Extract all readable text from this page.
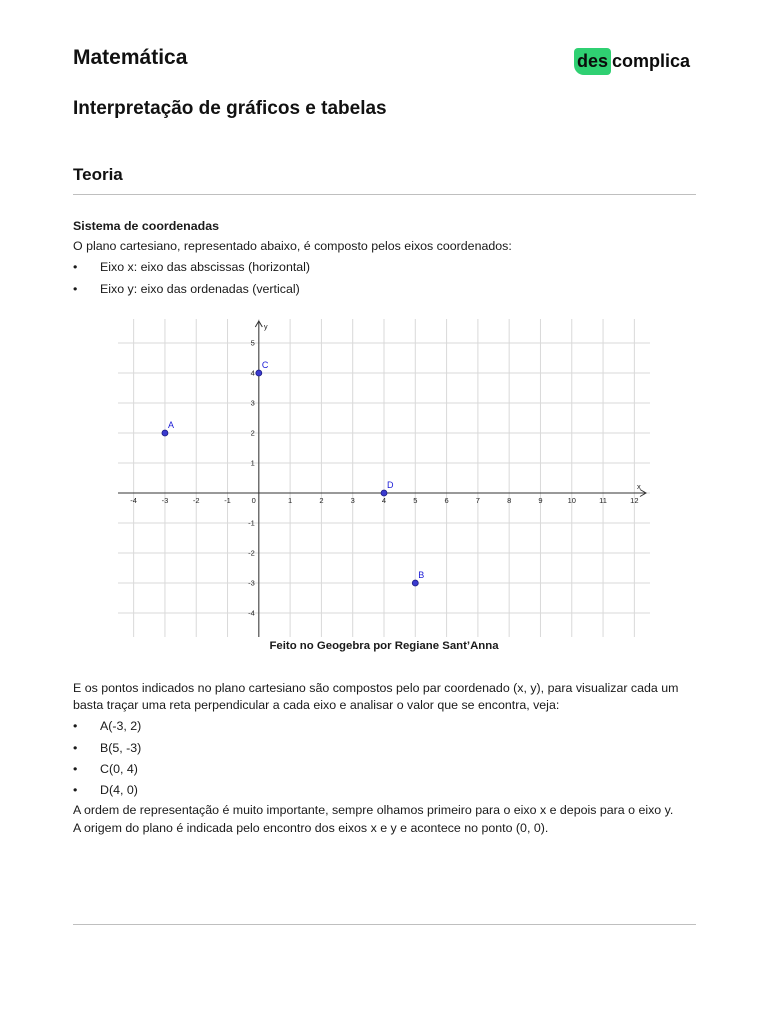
Matemática	des complica
Interpretação de gráficos e tabelas
Teoria
Sistema de coordenadas
O plano cartesiano, representado abaixo, é composto pelos eixos coordenados:
• Eixo x: eixo das abscissas (horizontal)
• Eixo y: eixo das ordenadas (vertical)
x
y
-4	-3	-2	-1	0	1	2	3	4	5	6	7	8	9	10	11	12
-4
-3
-2
-1
1
2
3
4
5
A
B
C
D
Feito no Geogebra por Regiane Sant’Anna
E os pontos indicados no plano cartesiano são compostos pelo par coordenado (x, y), para visualizar cada um basta traçar uma reta perpendicular a cada eixo e analisar o valor que se encontra, veja:
• A(-3, 2)
• B(5, -3)
• C(0, 4)
• D(4, 0)
A ordem de representação é muito importante, sempre olhamos primeiro para o eixo x e depois para o eixo y.
A origem do plano é indicada pelo encontro dos eixos x e y e acontece no ponto (0, 0).
